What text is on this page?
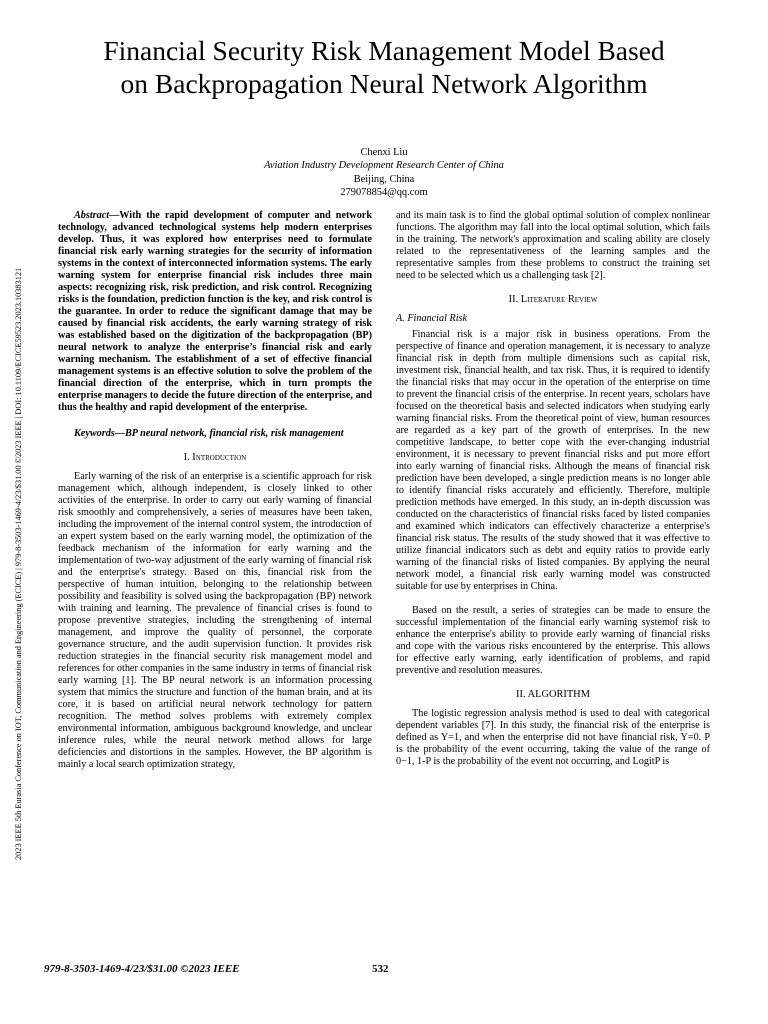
Financial Security Risk Management Model Based
on Backpropagation Neural Network Algorithm
Chenxi Liu
Aviation Industry Development Research Center of China
Beijing, China
279078854@qq.com
2023 IEEE 5th Eurasia Conference on IOT, Communication and Engineering (ECICE) | 979-8-3503-1469-4/23/$31.00 ©2023 IEEE | DOI: 10.1109/ECICE59523.2023.10383121

Abstract—With the rapid development of computer and network technology, advanced technological systems help modern enterprises develop. Thus, it was explored how enterprises need to formulate financial risk early warning strategies for the security of information systems in the context of interconnected information systems. The early warning system for enterprise financial risk includes three main aspects: recognizing risk, risk prediction, and risk control. Recognizing risks is the foundation, prediction function is the key, and risk control is the guarantee. In order to reduce the significant damage that may be caused by financial risk accidents, the early warning strategy of risk was established based on the digitization of the backpropagation (BP) neural network to analyze the enterprise’s financial risk and early warning mechanism. The establishment of a set of effective financial management systems is an effective solution to solve the problem of the financial direction of the enterprise, which in turn prompts the enterprise managers to decide the future direction of the enterprise, and thus the healthy and rapid development of the enterprise.

Keywords—BP neural network, financial risk, risk management

I. Introduction

Early warning of the risk of an enterprise is a scientific approach for risk management which, although independent, is closely linked to other activities of the enterprise. In order to carry out early warning of financial risk smoothly and comprehensively, a series of measures have been taken, including the improvement of the internal control system, the introduction of an expert system based on the early warning model, the optimization of the feedback mechanism of the information for early warning and the implementation of two-way adjustment of the early warning of financial risk and the enterprise's strategy. Based on this, financial risk from the perspective of human intuition, belonging to the relationship between possibility and feasibility is solved using the backpropagation (BP) network with training and learning. The prevalence of financial crises is found to propose preventive strategies, including the strengthening of internal management, and improve the quality of personnel, the corporate governance structure, and the audit supervision function. It provides risk reduction strategies in the financial security risk management model and references for other companies in the same industry in terms of financial risk early warning [1]. The BP neural network is an information processing system that mimics the structure and function of the human brain, and at its core, it is based on artificial neural network technology for pattern recognition. The method solves problems with extremely complex environmental information, ambiguous background knowledge, and unclear inference rules, while the neural network method allows for large deficiencies and distortions in the samples. However, the BP algorithm is mainly a local search optimization strategy,

and its main task is to find the global optimal solution of complex nonlinear functions. The algorithm may fall into the local optimal solution, which fails in the training. The network's approximation and scaling ability are closely related to the representativeness of the learning samples and the representative samples from these problems to construct the training set need to be selected which us a challenging task [2].

II. Literature Review

A. Financial Risk

Financial risk is a major risk in business operations. From the perspective of finance and operation management, it is necessary to analyze financial risk in depth from multiple dimensions such as capital risk, investment risk, financial health, and tax risk. Thus, it is required to identify the financial risks that may occur in the operation of the enterprise on time to prevent the financial crisis of the enterprise. In recent years, scholars have focused on the theoretical basis and selected indicators when studying early warning financial risks. From the theoretical point of view, human resources are regarded as a key part of the growth of enterprises. In the new competitive landscape, to better cope with the ever-changing industrial environment, it is necessary to prevent financial risks and put more effort into early warning of financial risks. Although the means of financial risk prediction have been developed, a single prediction means is no longer able to identify financial risks accurately and efficiently. Therefore, multiple prediction methods have emerged. In this study, an in-depth discussion was conducted on the characteristics of financial risks faced by listed companies and examined which indicators can effectively characterize a enterprise's financial risk status. The results of the study showed that it was effective to utilize financial indicators such as debt and equity ratios to provide early warning of the financial risks of listed companies. By applying the neural network model, a financial risk early warning model was constructed suitable for use by enterprises in China.

Based on the result, a series of strategies can be made to ensure the successful implementation of the financial early warning systemof risk to enhance the enterprise's ability to provide early warning of financial risks and cope with the various risks encountered by the enterprise. This allows for effective early warning, early identification of problems, and rapid preventive and resolution measures.

II. ALGORITHM

The logistic regression analysis method is used to deal with categorical dependent variables [7]. In this study, the financial risk of the enterprise is defined as Y=1, and when the enterprise did not have financial risk, Y=0. P is the probability of the event occurring, taking the value of the range of 0−1, 1-P is the probability of the event not occurring, and LogitP is

979-8-3503-1469-4/23/$31.00 ©2023 IEEE	532
